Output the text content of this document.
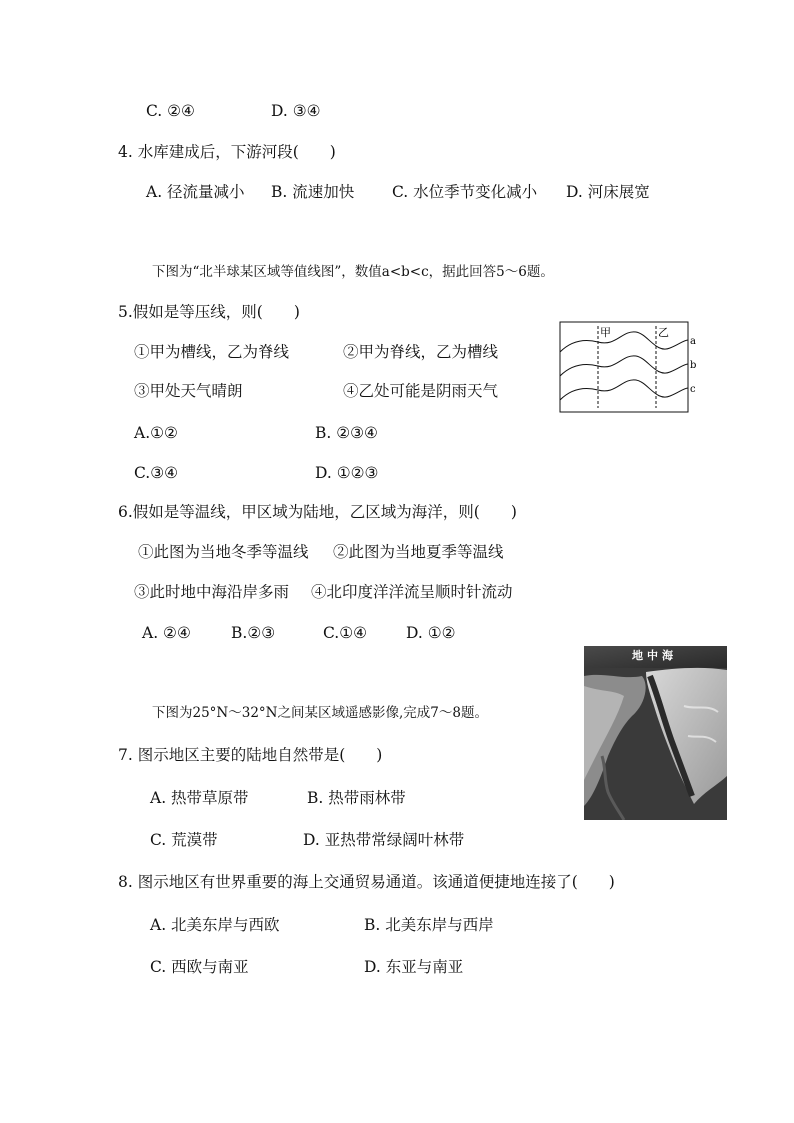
C. ②④	D. ③④
4. 水库建成后，下游河段(　　)
A. 径流量减小 B. 流速加快 C. 水位季节变化减小 D. 河床展宽
下图为“北半球某区域等值线图”，数值a<b<c，据此回答5～6题。
5.假如是等压线，则(　　)
①甲为槽线，乙为脊线	②甲为脊线，乙为槽线
③甲处天气晴朗	④乙处可能是阴雨天气
A.①②	B. ②③④
C.③④	D. ①②③
甲	乙
a
b
c
6.假如是等温线，甲区域为陆地，乙区域为海洋，则(　　)
①此图为当地冬季等温线 ②此图为当地夏季等温线
③此时地中海沿岸多雨 ④北印度洋洋流呈顺时针流动
A. ②④	B.②③	C.①④	D. ①②
地中海
下图为25°N～32°N之间某区域遥感影像,完成7～8题。
7. 图示地区主要的陆地自然带是(　　)
A. 热带草原带	B. 热带雨林带
C. 荒漠带	D. 亚热带常绿阔叶林带
8. 图示地区有世界重要的海上交通贸易通道。该通道便捷地连接了(　　)
A. 北美东岸与西欧	B. 北美东岸与西岸
C. 西欧与南亚	D. 东亚与南亚
